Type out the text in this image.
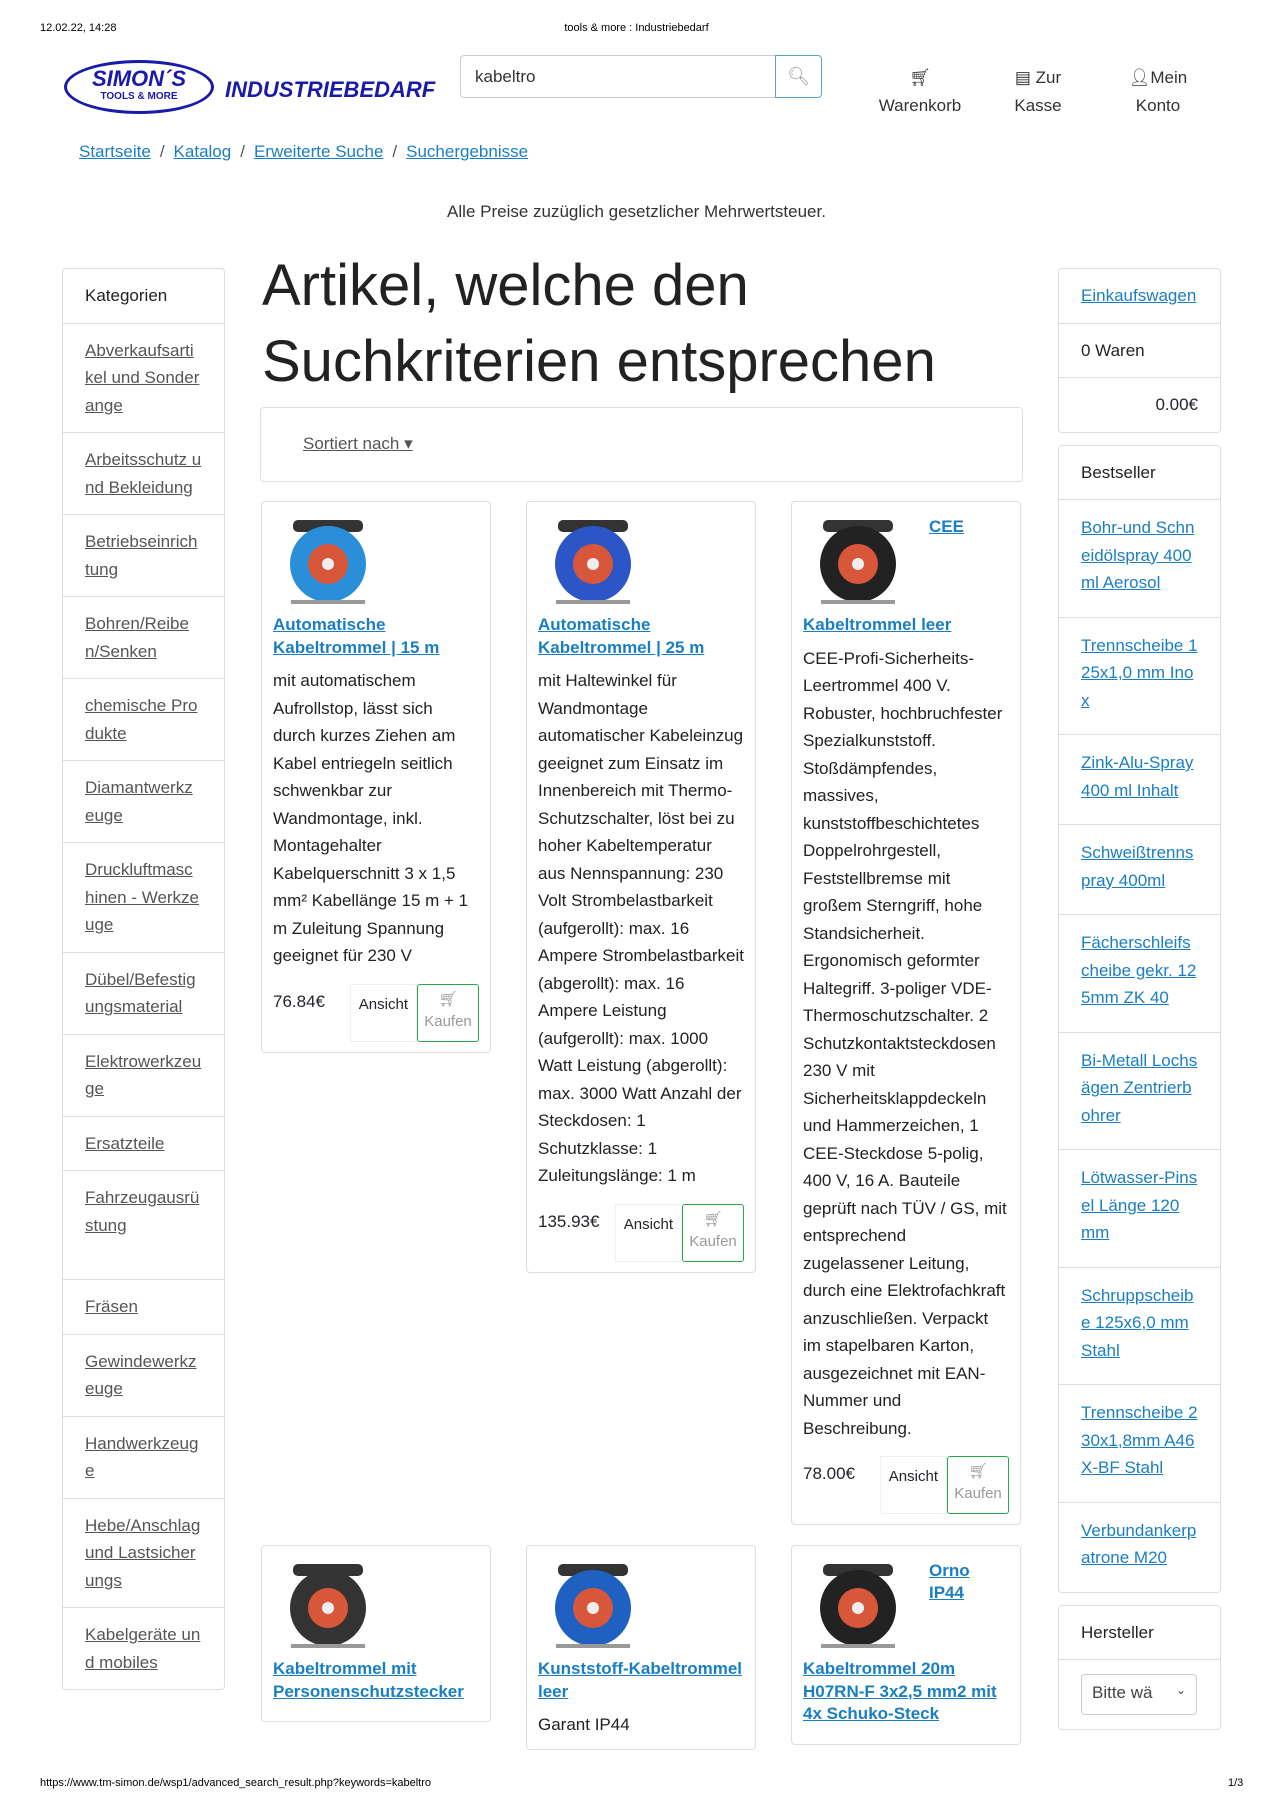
12.02.22, 14:28	tools & more : Industriebedarf
SIMON´S
TOOLS & MORE	INDUSTRIEBEDARF
kabeltro
🔍︎	🛒︎
Warenkorb
▤ Zur
Kasse
👤︎Mein
Konto
Startseite / Katalog / Erweiterte Suche / Suchergebnisse
Alle Preise zuzüglich gesetzlicher Mehrwertsteuer.
Kategorien
Abverkaufsartikel und Sonderange
Arbeitsschutz und Bekleidung
Betriebseinrichtung
Bohren/Reiben/Senken
chemische Produkte
Diamantwerkzeuge
Druckluftmaschinen - Werkzeuge
Dübel/Befestigungsmaterial
Elektrowerkzeuge
Ersatzteile
Fahrzeugausrüstung
Fräsen
Gewindewerkzeuge
Handwerkzeuge
Hebe/Anschlag und Lastsicherungs
Kabelgeräte und mobiles
Artikel, welche den Suchkriterien entsprechen
Sortiert nach ▾
Automatische Kabeltrommel | 15 m
mit automatischem Aufrollstop, lässt sich durch kurzes Ziehen am Kabel entriegeln seitlich schwenkbar zur Wandmontage, inkl. Montagehalter Kabelquerschnitt 3 x 1,5 mm² Kabellänge 15 m + 1 m Zuleitung Spannung geeignet für 230 V
76.84€	Ansicht	🛒︎
Kaufen
Automatische Kabeltrommel | 25 m
mit Haltewinkel für Wandmontage automatischer Kabeleinzug geeignet zum Einsatz im Innenbereich mit Thermo-Schutzschalter, löst bei zu hoher Kabeltemperatur aus Nennspannung: 230 Volt Strombelastbarkeit (aufgerollt): max. 16 Ampere Strombelastbarkeit (abgerollt): max. 16 Ampere Leistung (aufgerollt): max. 1000 Watt Leistung (abgerollt): max. 3000 Watt Anzahl der Steckdosen: 1 Schutzklasse: 1 Zuleitungslänge: 1 m
135.93€	Ansicht	🛒︎
Kaufen
CEE
Kabeltrommel leer
CEE-Profi-Sicherheits-Leertrommel 400 V. Robuster, hochbruchfester Spezialkunststoff. Stoßdämpfendes, massives, kunststoffbeschichtetes Doppelrohrgestell, Feststellbremse mit großem Sterngriff, hohe Standsicherheit. Ergonomisch geformter Haltegriff. 3-poliger VDE-Thermoschutzschalter. 2 Schutzkontaktsteckdosen 230 V mit Sicherheitsklappdeckeln und Hammerzeichen, 1 CEE-Steckdose 5-polig, 400 V, 16 A. Bauteile geprüft nach TÜV / GS, mit entsprechend zugelassener Leitung, durch eine Elektrofachkraft anzuschließen. Verpackt im stapelbaren Karton, ausgezeichnet mit EAN-Nummer und Beschreibung.
78.00€	Ansicht	🛒︎
Kaufen
Kabeltrommel mit Personenschutzstecker
Kunststoff-Kabeltrommel leer
Garant IP44
Orno IP44
Kabeltrommel 20m H07RN-F 3x2,5 mm2 mit 4x Schuko-Steck
Einkaufswagen
0 Waren
0.00€
Bestseller
Bohr-und Schneidölspray 400 ml Aerosol
Trennscheibe 125x1,0 mm Inox
Zink-Alu-Spray 400 ml Inhalt
Schweißtrennspray 400ml
Fächerschleifscheibe gekr. 125mm ZK 40
Bi-Metall Lochsägen Zentrierbohrer
Lötwasser-Pinsel Länge 120 mm
Schruppscheibe 125x6,0 mm Stahl
Trennscheibe 230x1,8mm A46X-BF Stahl
Verbundankerpatrone M20
Hersteller
Bitte wä ⌄
https://www.tm-simon.de/wsp1/advanced_search_result.php?keywords=kabeltro	1/3
